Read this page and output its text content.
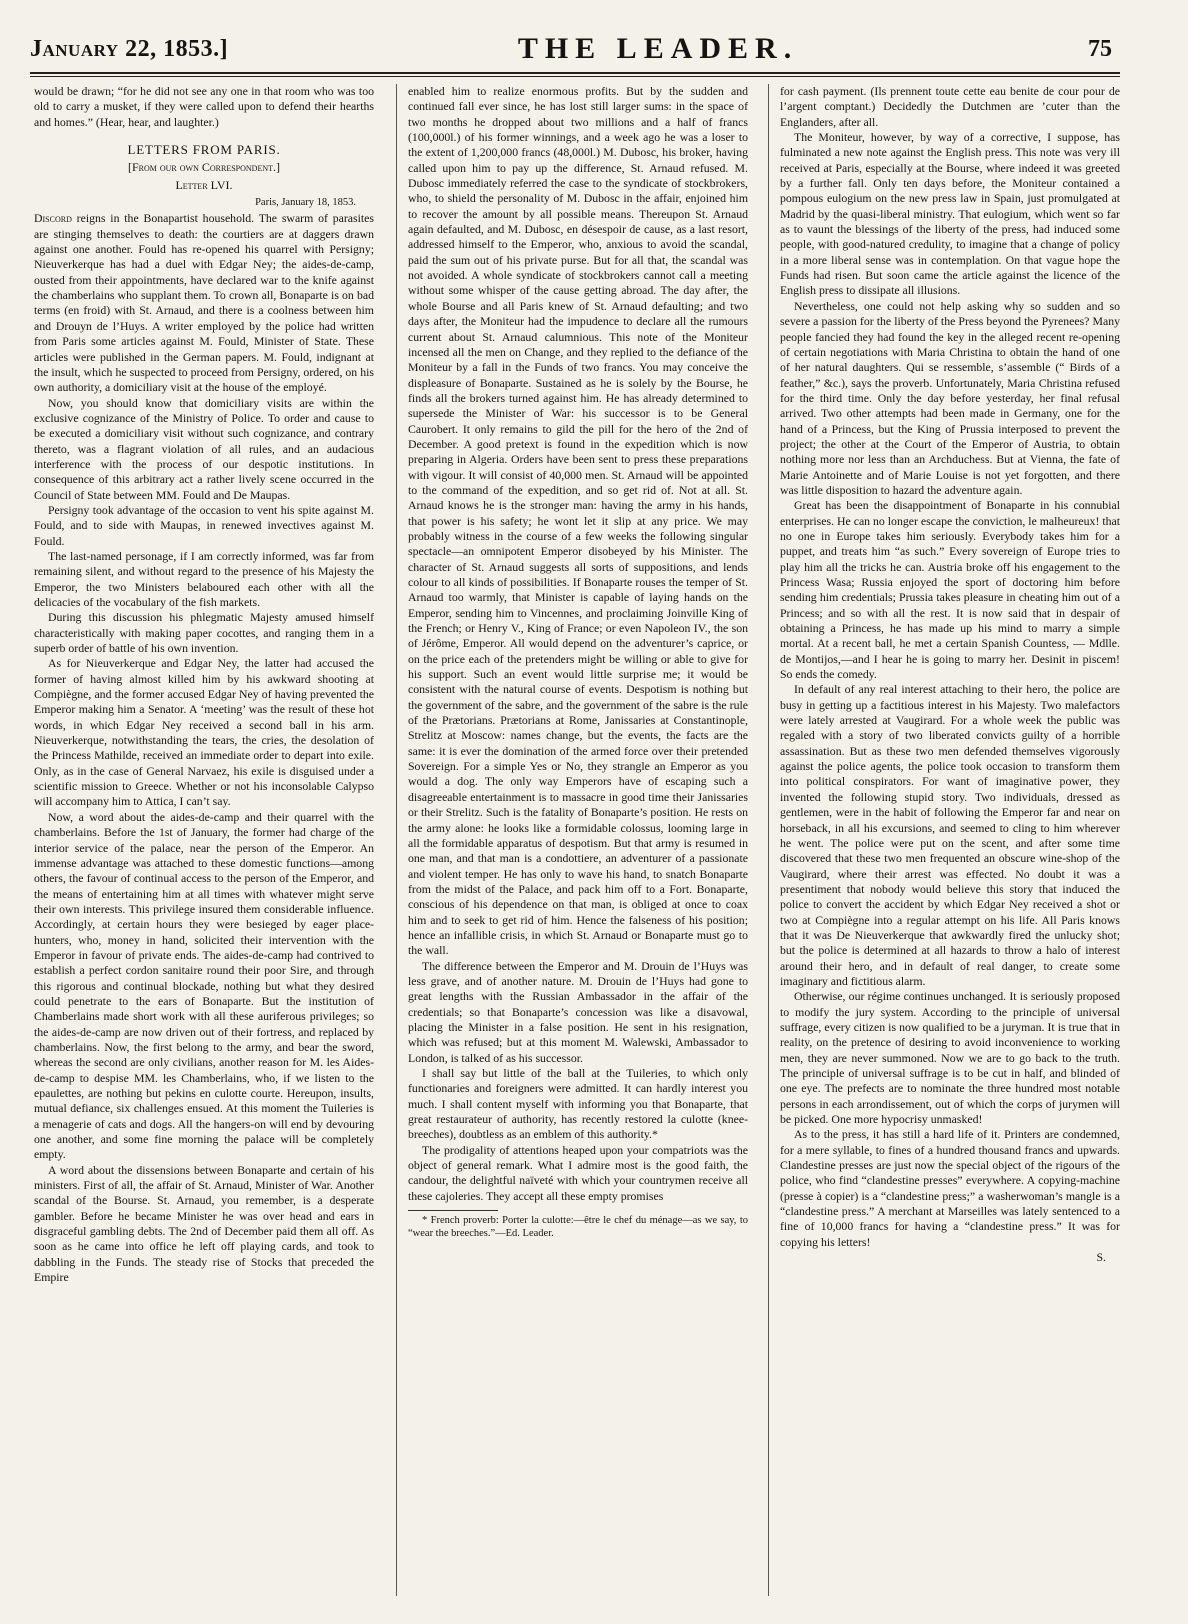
January 22, 1853.]	THE LEADER.	75

would be drawn; “for he did not see any one in that room who was too old to carry a musket, if they were called upon to defend their hearths and homes.” (Hear, hear, and laughter.)

LETTERS FROM PARIS.
[From our own Correspondent.]
Letter LVI.
Paris, January 18, 1853.

Discord reigns in the Bonapartist household. The swarm of parasites are stinging themselves to death: the courtiers are at daggers drawn against one another. Fould has re-opened his quarrel with Persigny; Nieuverkerque has had a duel with Edgar Ney; the aides-de-camp, ousted from their appointments, have declared war to the knife against the chamberlains who supplant them. To crown all, Bonaparte is on bad terms (en froid) with St. Arnaud, and there is a coolness between him and Drouyn de l’Huys. A writer employed by the police had written from Paris some articles against M. Fould, Minister of State. These articles were published in the German papers. M. Fould, indignant at the insult, which he suspected to proceed from Persigny, ordered, on his own authority, a domiciliary visit at the house of the employé.

Now, you should know that domiciliary visits are within the exclusive cognizance of the Ministry of Police. To order and cause to be executed a domiciliary visit without such cognizance, and contrary thereto, was a flagrant violation of all rules, and an audacious interference with the process of our despotic institutions. In consequence of this arbitrary act a rather lively scene occurred in the Council of State between MM. Fould and De Maupas.

Persigny took advantage of the occasion to vent his spite against M. Fould, and to side with Maupas, in renewed invectives against M. Fould.

The last-named personage, if I am correctly informed, was far from remaining silent, and without regard to the presence of his Majesty the Emperor, the two Ministers belaboured each other with all the delicacies of the vocabulary of the fish markets.

During this discussion his phlegmatic Majesty amused himself characteristically with making paper cocottes, and ranging them in a superb order of battle of his own invention.

As for Nieuverkerque and Edgar Ney, the latter had accused the former of having almost killed him by his awkward shooting at Compiègne, and the former accused Edgar Ney of having prevented the Emperor making him a Senator. A ‘meeting’ was the result of these hot words, in which Edgar Ney received a second ball in his arm. Nieuverkerque, notwithstanding the tears, the cries, the desolation of the Princess Mathilde, received an immediate order to depart into exile. Only, as in the case of General Narvaez, his exile is disguised under a scientific mission to Greece. Whether or not his inconsolable Calypso will accompany him to Attica, I can’t say.

Now, a word about the aides-de-camp and their quarrel with the chamberlains. Before the 1st of January, the former had charge of the interior service of the palace, near the person of the Emperor. An immense advantage was attached to these domestic functions—among others, the favour of continual access to the person of the Emperor, and the means of entertaining him at all times with whatever might serve their own interests. This privilege insured them considerable influence. Accordingly, at certain hours they were besieged by eager place-hunters, who, money in hand, solicited their intervention with the Emperor in favour of private ends. The aides-de-camp had contrived to establish a perfect cordon sanitaire round their poor Sire, and through this rigorous and continual blockade, nothing but what they desired could penetrate to the ears of Bonaparte. But the institution of Chamberlains made short work with all these auriferous privileges; so the aides-de-camp are now driven out of their fortress, and replaced by chamberlains. Now, the first belong to the army, and bear the sword, whereas the second are only civilians, another reason for M. les Aides-de-camp to despise MM. les Chamberlains, who, if we listen to the epaulettes, are nothing but pekins en culotte courte. Hereupon, insults, mutual defiance, six challenges ensued. At this moment the Tuileries is a menagerie of cats and dogs. All the hangers-on will end by devouring one another, and some fine morning the palace will be completely empty.

A word about the dissensions between Bonaparte and certain of his ministers. First of all, the affair of St. Arnaud, Minister of War. Another scandal of the Bourse. St. Arnaud, you remember, is a desperate gambler. Before he became Minister he was over head and ears in disgraceful gambling debts. The 2nd of December paid them all off. As soon as he came into office he left off playing cards, and took to dabbling in the Funds. The steady rise of Stocks that preceded the Empire

enabled him to realize enormous profits. But by the sudden and continued fall ever since, he has lost still larger sums: in the space of two months he dropped about two millions and a half of francs (100,000l.) of his former winnings, and a week ago he was a loser to the extent of 1,200,000 francs (48,000l.) M. Dubosc, his broker, having called upon him to pay up the difference, St. Arnaud refused. M. Dubosc immediately referred the case to the syndicate of stockbrokers, who, to shield the personality of M. Dubosc in the affair, enjoined him to recover the amount by all possible means. Thereupon St. Arnaud again defaulted, and M. Dubosc, en désespoir de cause, as a last resort, addressed himself to the Emperor, who, anxious to avoid the scandal, paid the sum out of his private purse. But for all that, the scandal was not avoided. A whole syndicate of stockbrokers cannot call a meeting without some whisper of the cause getting abroad. The day after, the whole Bourse and all Paris knew of St. Arnaud defaulting; and two days after, the Moniteur had the impudence to declare all the rumours current about St. Arnaud calumnious. This note of the Moniteur incensed all the men on Change, and they replied to the defiance of the Moniteur by a fall in the Funds of two francs. You may conceive the displeasure of Bonaparte. Sustained as he is solely by the Bourse, he finds all the brokers turned against him. He has already determined to supersede the Minister of War: his successor is to be General Caurobert. It only remains to gild the pill for the hero of the 2nd of December. A good pretext is found in the expedition which is now preparing in Algeria. Orders have been sent to press these preparations with vigour. It will consist of 40,000 men. St. Arnaud will be appointed to the command of the expedition, and so get rid of. Not at all. St. Arnaud knows he is the stronger man: having the army in his hands, that power is his safety; he wont let it slip at any price. We may probably witness in the course of a few weeks the following singular spectacle—an omnipotent Emperor disobeyed by his Minister. The character of St. Arnaud suggests all sorts of suppositions, and lends colour to all kinds of possibilities. If Bonaparte rouses the temper of St. Arnaud too warmly, that Minister is capable of laying hands on the Emperor, sending him to Vincennes, and proclaiming Joinville King of the French; or Henry V., King of France; or even Napoleon IV., the son of Jérôme, Emperor. All would depend on the adventurer’s caprice, or on the price each of the pretenders might be willing or able to give for his support. Such an event would little surprise me; it would be consistent with the natural course of events. Despotism is nothing but the government of the sabre, and the government of the sabre is the rule of the Prætorians. Prætorians at Rome, Janissaries at Constantinople, Strelitz at Moscow: names change, but the events, the facts are the same: it is ever the domination of the armed force over their pretended Sovereign. For a simple Yes or No, they strangle an Emperor as you would a dog. The only way Emperors have of escaping such a disagreeable entertainment is to massacre in good time their Janissaries or their Strelitz. Such is the fatality of Bonaparte’s position. He rests on the army alone: he looks like a formidable colossus, looming large in all the formidable apparatus of despotism. But that army is resumed in one man, and that man is a condottiere, an adventurer of a passionate and violent temper. He has only to wave his hand, to snatch Bonaparte from the midst of the Palace, and pack him off to a Fort. Bonaparte, conscious of his dependence on that man, is obliged at once to coax him and to seek to get rid of him. Hence the falseness of his position; hence an infallible crisis, in which St. Arnaud or Bonaparte must go to the wall.

The difference between the Emperor and M. Drouin de l’Huys was less grave, and of another nature. M. Drouin de l’Huys had gone to great lengths with the Russian Ambassador in the affair of the credentials; so that Bonaparte’s concession was like a disavowal, placing the Minister in a false position. He sent in his resignation, which was refused; but at this moment M. Walewski, Ambassador to London, is talked of as his successor.

I shall say but little of the ball at the Tuileries, to which only functionaries and foreigners were admitted. It can hardly interest you much. I shall content myself with informing you that Bonaparte, that great restaurateur of authority, has recently restored la culotte (knee-breeches), doubtless as an emblem of this authority.*

The prodigality of attentions heaped upon your compatriots was the object of general remark. What I admire most is the good faith, the candour, the delightful naïveté with which your countrymen receive all these cajoleries. They accept all these empty promises

* French proverb: Porter la culotte:—être le chef du ménage—as we say, to “wear the breeches.”—Ed. Leader.

for cash payment. (Ils prennent toute cette eau benite de cour pour de l’argent comptant.) Decidedly the Dutchmen are ’cuter than the Englanders, after all.

The Moniteur, however, by way of a corrective, I suppose, has fulminated a new note against the English press. This note was very ill received at Paris, especially at the Bourse, where indeed it was greeted by a further fall. Only ten days before, the Moniteur contained a pompous eulogium on the new press law in Spain, just promulgated at Madrid by the quasi-liberal ministry. That eulogium, which went so far as to vaunt the blessings of the liberty of the press, had induced some people, with good-natured credulity, to imagine that a change of policy in a more liberal sense was in contemplation. On that vague hope the Funds had risen. But soon came the article against the licence of the English press to dissipate all illusions.

Nevertheless, one could not help asking why so sudden and so severe a passion for the liberty of the Press beyond the Pyrenees? Many people fancied they had found the key in the alleged recent re-opening of certain negotiations with Maria Christina to obtain the hand of one of her natural daughters. Qui se ressemble, s’assemble (“ Birds of a feather,” &c.), says the proverb. Unfortunately, Maria Christina refused for the third time. Only the day before yesterday, her final refusal arrived. Two other attempts had been made in Germany, one for the hand of a Princess, but the King of Prussia interposed to prevent the project; the other at the Court of the Emperor of Austria, to obtain nothing more nor less than an Archduchess. But at Vienna, the fate of Marie Antoinette and of Marie Louise is not yet forgotten, and there was little disposition to hazard the adventure again.

Great has been the disappointment of Bonaparte in his connubial enterprises. He can no longer escape the conviction, le malheureux! that no one in Europe takes him seriously. Everybody takes him for a puppet, and treats him “as such.” Every sovereign of Europe tries to play him all the tricks he can. Austria broke off his engagement to the Princess Wasa; Russia enjoyed the sport of doctoring him before sending him credentials; Prussia takes pleasure in cheating him out of a Princess; and so with all the rest. It is now said that in despair of obtaining a Princess, he has made up his mind to marry a simple mortal. At a recent ball, he met a certain Spanish Countess, — Mdlle. de Montijos,—and I hear he is going to marry her. Desinit in piscem! So ends the comedy.

In default of any real interest attaching to their hero, the police are busy in getting up a factitious interest in his Majesty. Two malefactors were lately arrested at Vaugirard. For a whole week the public was regaled with a story of two liberated convicts guilty of a horrible assassination. But as these two men defended themselves vigorously against the police agents, the police took occasion to transform them into political conspirators. For want of imaginative power, they invented the following stupid story. Two individuals, dressed as gentlemen, were in the habit of following the Emperor far and near on horseback, in all his excursions, and seemed to cling to him wherever he went. The police were put on the scent, and after some time discovered that these two men frequented an obscure wine-shop of the Vaugirard, where their arrest was effected. No doubt it was a presentiment that nobody would believe this story that induced the police to convert the accident by which Edgar Ney received a shot or two at Compiègne into a regular attempt on his life. All Paris knows that it was De Nieuverkerque that awkwardly fired the unlucky shot; but the police is determined at all hazards to throw a halo of interest around their hero, and in default of real danger, to create some imaginary and fictitious alarm.

Otherwise, our régime continues unchanged. It is seriously proposed to modify the jury system. According to the principle of universal suffrage, every citizen is now qualified to be a juryman. It is true that in reality, on the pretence of desiring to avoid inconvenience to working men, they are never summoned. Now we are to go back to the truth. The principle of universal suffrage is to be cut in half, and blinded of one eye. The prefects are to nominate the three hundred most notable persons in each arrondissement, out of which the corps of jurymen will be picked. One more hypocrisy unmasked!

As to the press, it has still a hard life of it. Printers are condemned, for a mere syllable, to fines of a hundred thousand francs and upwards. Clandestine presses are just now the special object of the rigours of the police, who find “clandestine presses” everywhere. A copying-machine (presse à copier) is a “clandestine press;” a washerwoman’s mangle is a “clandestine press.” A merchant at Marseilles was lately sentenced to a fine of 10,000 francs for having a “clandestine press.” It was for copying his letters!

S.
